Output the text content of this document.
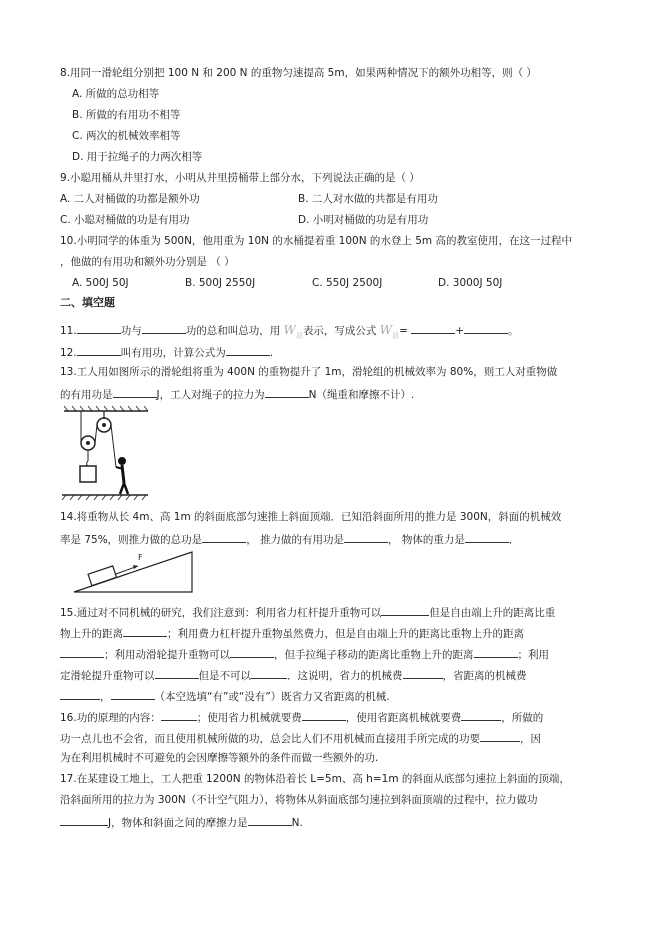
8.用同一滑轮组分别把 100 N 和 200 N 的重物匀速提高 5m，如果两种情况下的额外功相等，则（ ）
A. 所做的总功相等
B. 所做的有用功不相等
C. 两次的机械效率相等
D. 用于拉绳子的力两次相等
9.小聪用桶从井里打水，小明从井里捞桶带上部分水，下列说法正确的是（ ）
A. 二人对桶做的功都是额外功	B. 二人对水做的共都是有用功
C. 小聪对桶做的功是有用功	D. 小明对桶做的功是有用功
10.小明同学的体重为 500N，他用重为 10N 的水桶提着重 100N 的水登上 5m 高的教室使用，在这一过程中
，他做的有用功和额外功分别是 （ ）
A. 500J 50J	B. 500J 2550J	C. 550J 2500J	D. 3000J 50J
二、填空题
11.	功与	功的总和叫总功，用 $W_总$表示，写成公式 $W_总=$	+	。
12.	叫有用功，计算公式为	.
13.工人用如图所示的滑轮组将重为 400N 的重物提升了 1m，滑轮组的机械效率为 80%，则工人对重物做
的有用功是	J，工人对绳子的拉力为	N（绳重和摩擦不计）.
14.将重物从长 4m、高 1m 的斜面底部匀速推上斜面顶端．已知沿斜面所用的推力是 300N，斜面的机械效
率是 75%，则推力做的总功是	， 推力做的有用功是	， 物体的重力是	．
F
15.通过对不同机械的研究，我们注意到：利用省力杠杆提升重物可以	但是自由端上升的距离比重
物上升的距离	；利用费力杠杆提升重物虽然费力，但是自由端上升的距离比重物上升的距离
；利用动滑轮提升重物可以	，但手拉绳子移动的距离比重物上升的距离	；利用
定滑轮提升重物可以	但是不可以	．这说明，省力的机械费	，省距离的机械费
，	（本空选填“有”或“没有”）既省力又省距离的机械.
16.功的原理的内容：	；使用省力机械就要费	，使用省距离机械就要费	，所做的
功一点儿也不会省，而且使用机械所做的功，总会比人们不用机械而直接用手所完成的功要	，因
为在利用机械时不可避免的会因摩擦等额外的条件而做一些额外的功.
17.在某建设工地上，工人把重 1200N 的物体沿着长 L=5m、高 h=1m 的斜面从底部匀速拉上斜面的顶端，
沿斜面所用的拉力为 300N（不计空气阻力），将物体从斜面底部匀速拉到斜面顶端的过程中，拉力做功
J，物体和斜面之间的摩擦力是	N.
